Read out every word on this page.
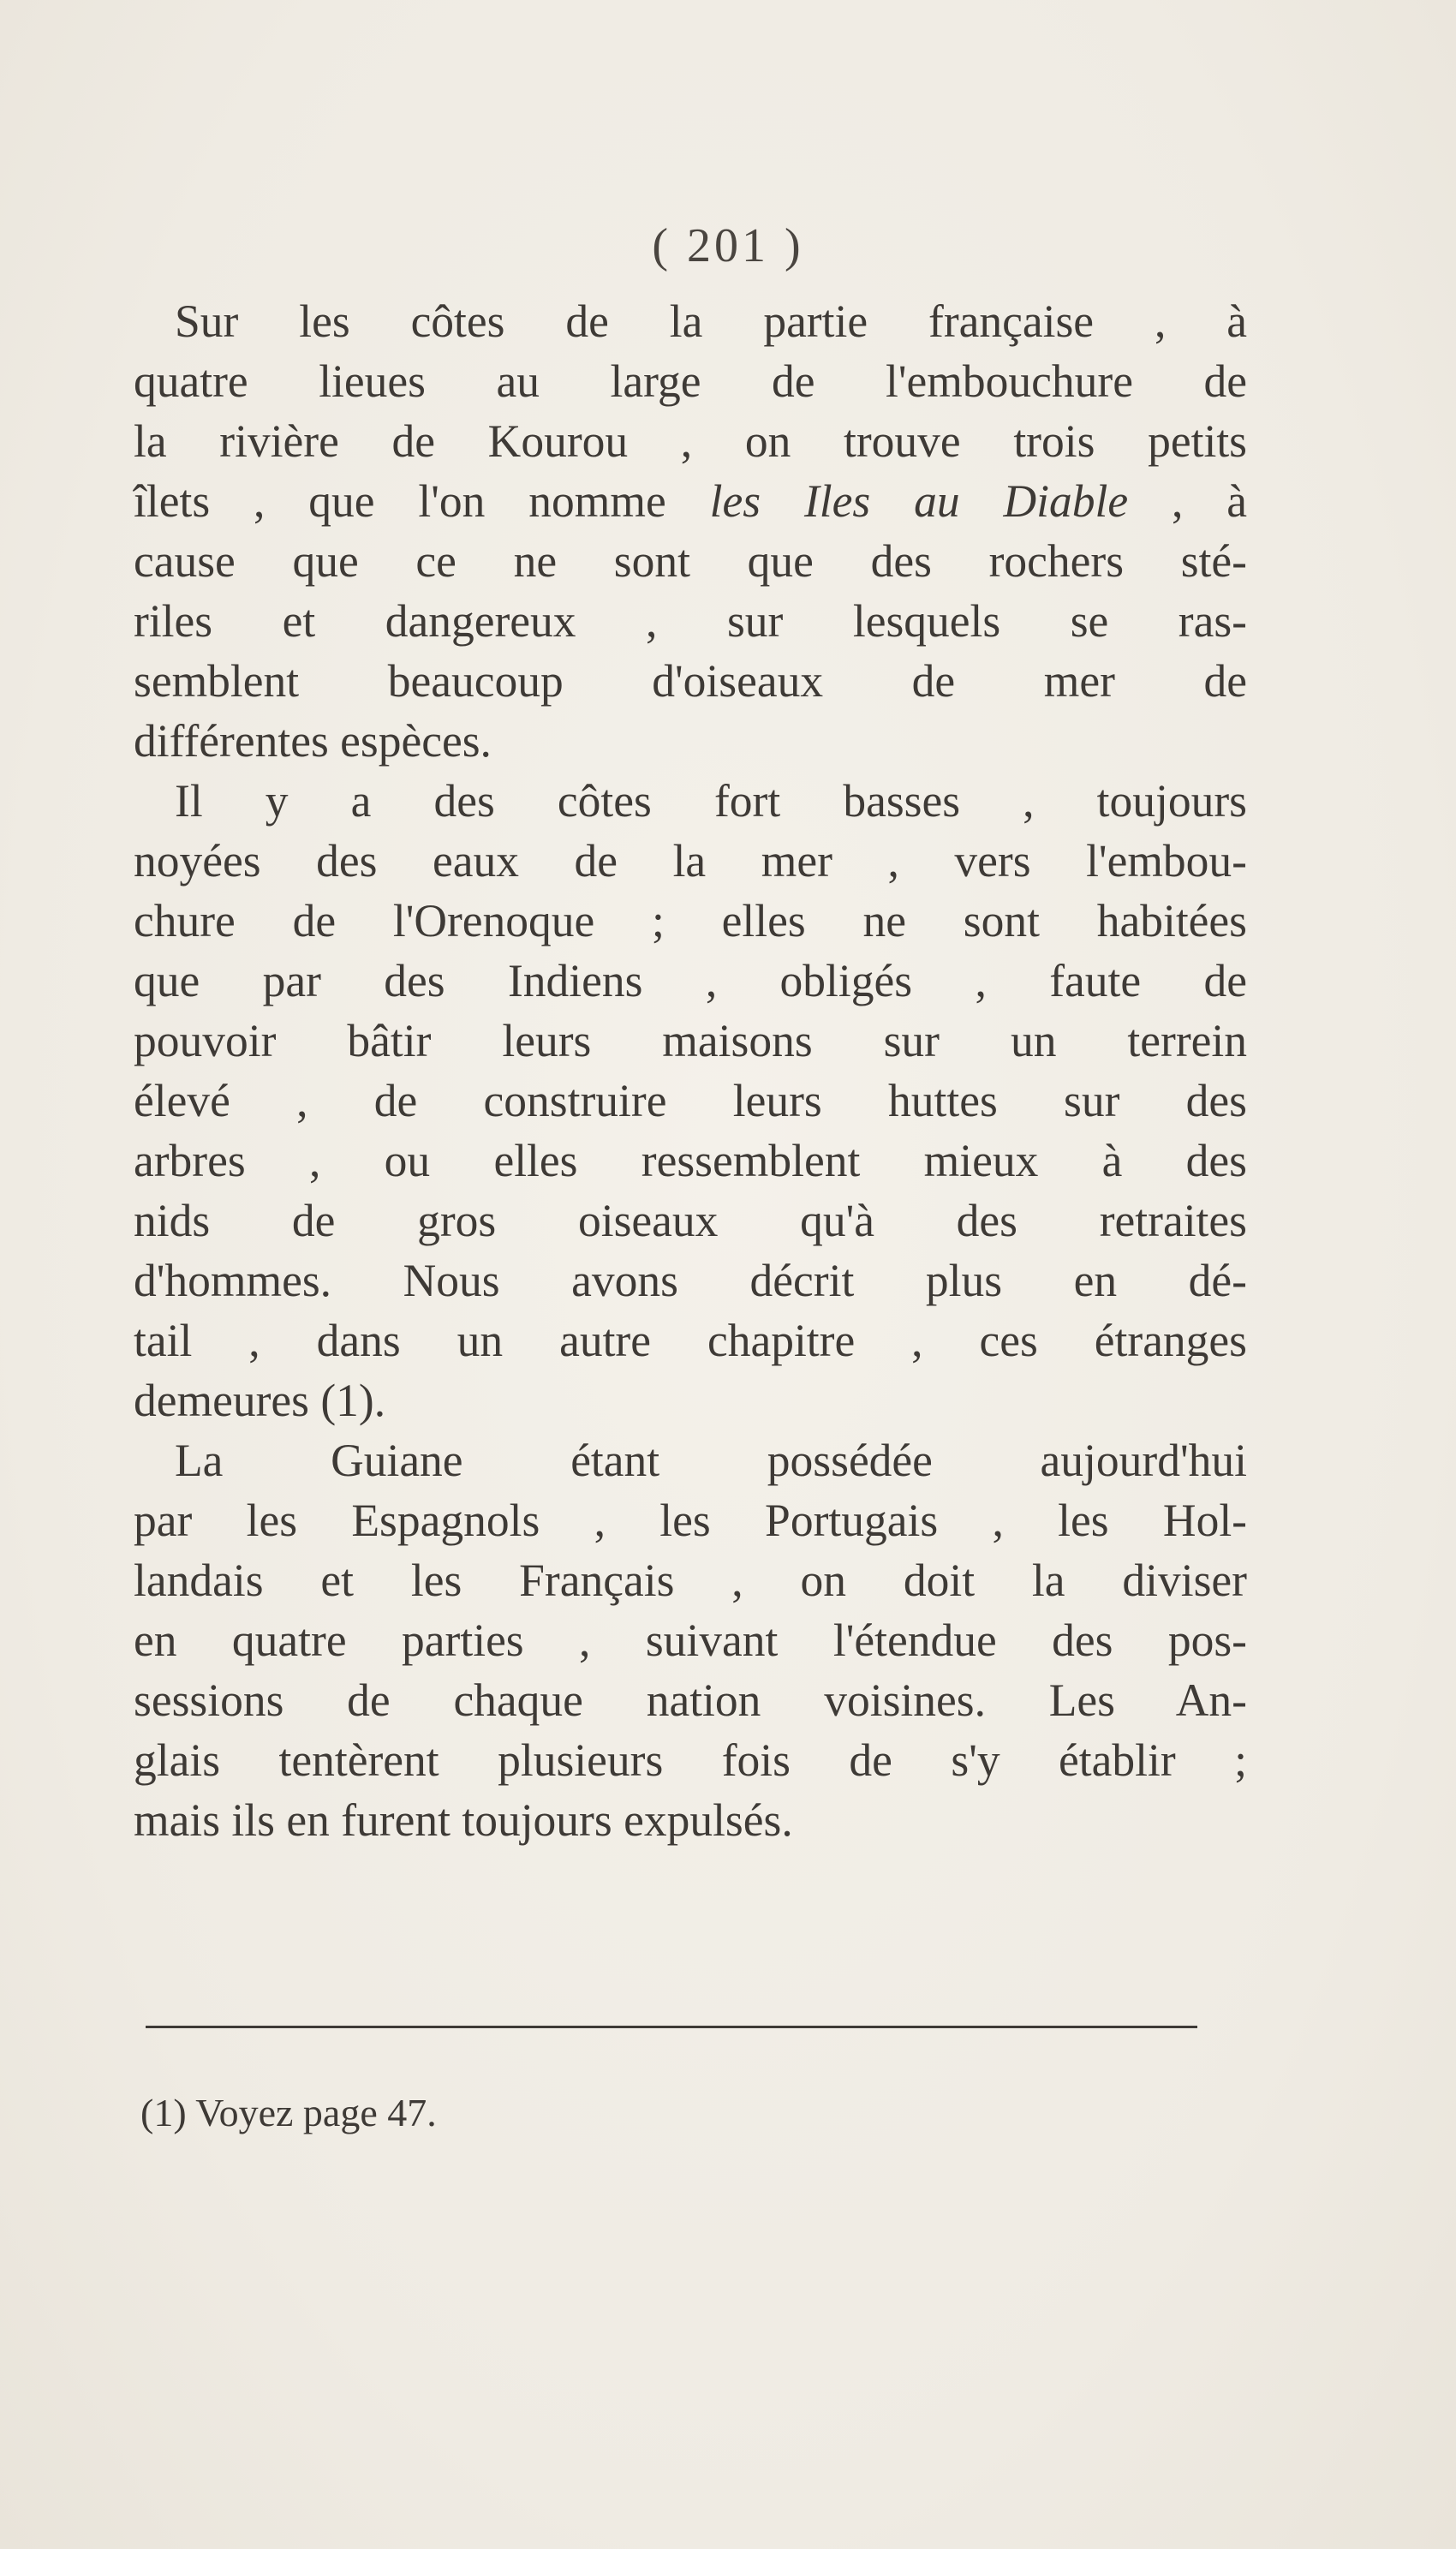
( 201 )
Sur les côtes de la partie française , à
quatre lieues au large de l'embouchure de
la rivière de Kourou , on trouve trois petits
îlets , que l'on nomme les Iles au Diable , à
cause que ce ne sont que des rochers sté-
riles et dangereux , sur lesquels se ras-
semblent beaucoup d'oiseaux de mer de
différentes espèces.
Il y a des côtes fort basses , toujours
noyées des eaux de la mer , vers l'embou-
chure de l'Orenoque ; elles ne sont habitées
que par des Indiens , obligés , faute de
pouvoir bâtir leurs maisons sur un terrein
élevé , de construire leurs huttes sur des
arbres , ou elles ressemblent mieux à des
nids de gros oiseaux qu'à des retraites
d'hommes. Nous avons décrit plus en dé-
tail , dans un autre chapitre , ces étranges
demeures (1).
La Guiane étant possédée aujourd'hui
par les Espagnols , les Portugais , les Hol-
landais et les Français , on doit la diviser
en quatre parties , suivant l'étendue des pos-
sessions de chaque nation voisines. Les An-
glais tentèrent plusieurs fois de s'y établir ;
mais ils en furent toujours expulsés.
(1) Voyez page 47.
